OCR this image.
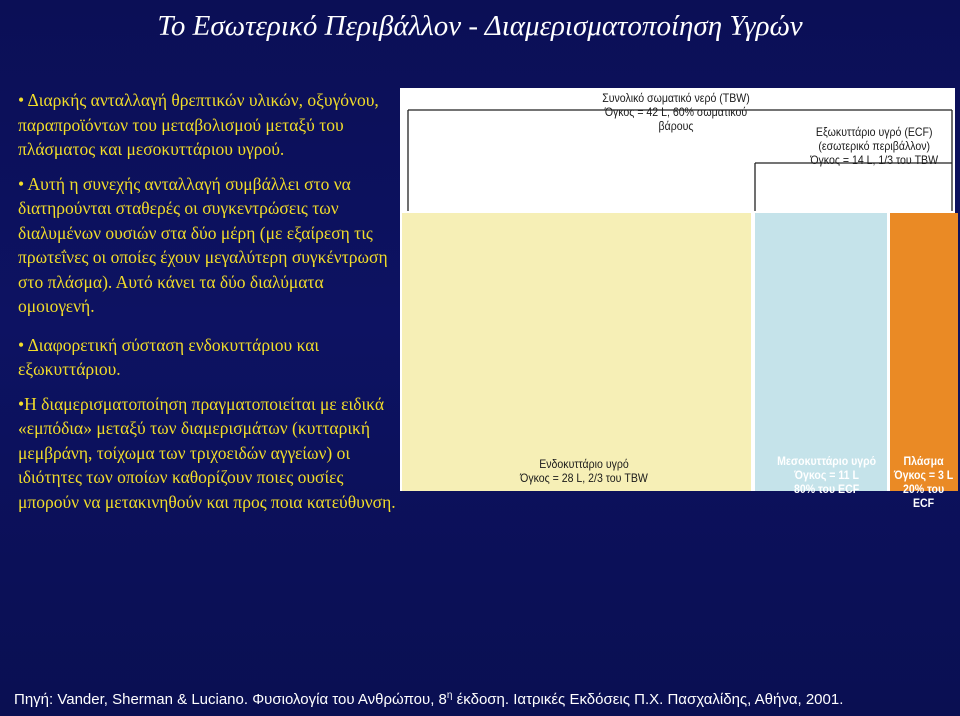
Το Εσωτερικό Περιβάλλον - Διαμερισματοποίηση Υγρών

• Διαρκής ανταλλαγή θρεπτικών υλικών, οξυγόνου, παραπροϊόντων του μεταβολισμού μεταξύ του πλάσματος και μεσοκυττάριου υγρού.

• Αυτή η συνεχής ανταλλαγή συμβάλλει στο να διατηρούνται σταθερές οι συγκεντρώσεις των διαλυμένων ουσιών στα δύο μέρη (με εξαίρεση τις πρωτεΐνες οι οποίες έχουν μεγαλύτερη συγκέντρωση στο πλάσμα). Αυτό κάνει τα δύο διαλύματα ομοιογενή.

• Διαφορετική σύσταση ενδοκυττάριου και εξωκυττάριου.

•Η διαμερισματοποίηση πραγματοποιείται με ειδικά «εμπόδια» μεταξύ των διαμερισμάτων (κυτταρική μεμβράνη, τοίχωμα των τριχοειδών αγγείων) οι ιδιότητες των οποίων καθορίζουν ποιες ουσίες μπορούν να μετακινηθούν και προς ποια κατεύθυνση.

Συνολικό σωματικό νερό (TBW)
Όγκος = 42 L, 60% σωματικού βάρους	Εξωκυττάριο υγρό (ECF)
(εσωτερικό περιβάλλον)
Όγκος = 14 L, 1/3 του TBW
Ενδοκυττάριο υγρό
Όγκος = 28 L, 2/3 του TBW
Μεσοκυττάριο υγρό
Όγκος = 11 L
80% του ECF
Πλάσμα
Όγκος = 3 L
20% του ECF
Πηγή: Vander, Sherman & Luciano. Φυσιολογία του Ανθρώπου, $8^\eta$ έκδοση. Ιατρικές Εκδόσεις Π.Χ. Πασχαλίδης, Αθήνα, 2001.
